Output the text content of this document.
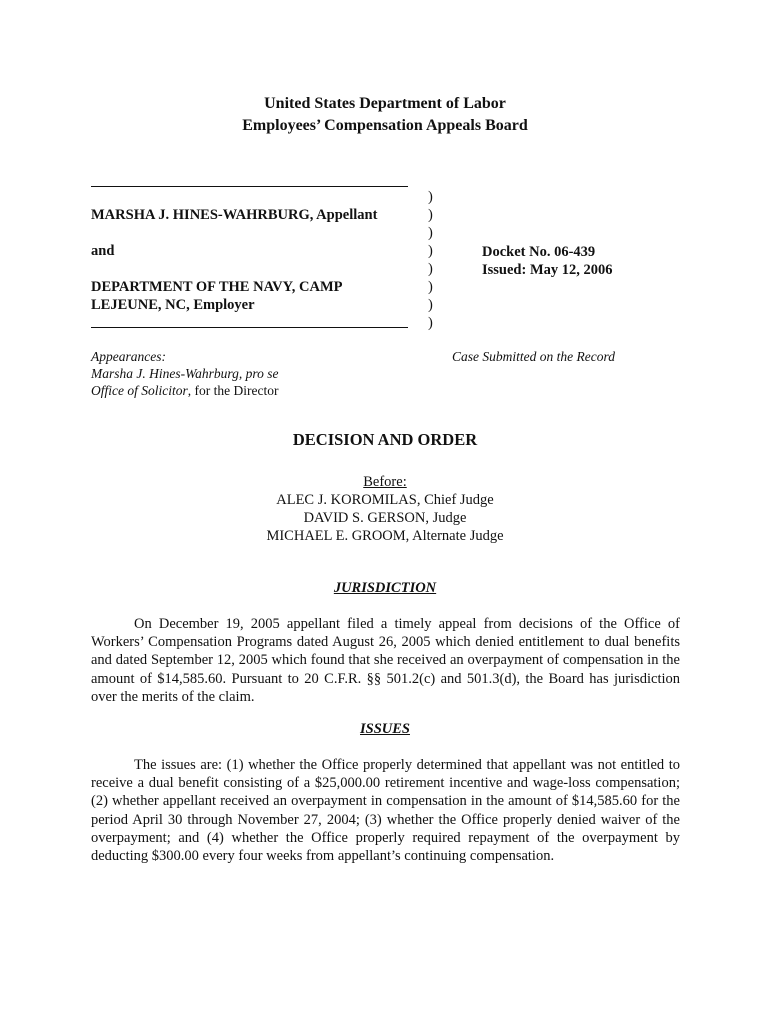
United States Department of Labor
Employees’ Compensation Appeals Board
MARSHA J. HINES-WAHRBURG, Appellant
and
DEPARTMENT OF THE NAVY, CAMP
LEJEUNE, NC, Employer
)
)
)
)
)
)
)
)
Docket No. 06-439
Issued: May 12, 2006
Appearances:
Marsha J. Hines-Wahrburg, pro se
Office of Solicitor, for the Director
Case Submitted on the Record
DECISION AND ORDER
Before:
ALEC J. KOROMILAS, Chief Judge
DAVID S. GERSON, Judge
MICHAEL E. GROOM, Alternate Judge
JURISDICTION
On December 19, 2005 appellant filed a timely appeal from decisions of the Office of Workers’ Compensation Programs dated August 26, 2005 which denied entitlement to dual benefits and dated September 12, 2005 which found that she received an overpayment of compensation in the amount of $14,585.60. Pursuant to 20 C.F.R. §§ 501.2(c) and 501.3(d), the Board has jurisdiction over the merits of the claim.
ISSUES
The issues are: (1) whether the Office properly determined that appellant was not entitled to receive a dual benefit consisting of a $25,000.00 retirement incentive and wage-loss compensation; (2) whether appellant received an overpayment in compensation in the amount of $14,585.60 for the period April 30 through November 27, 2004; (3) whether the Office properly denied waiver of the overpayment; and (4) whether the Office properly required repayment of the overpayment by deducting $300.00 every four weeks from appellant’s continuing compensation.
